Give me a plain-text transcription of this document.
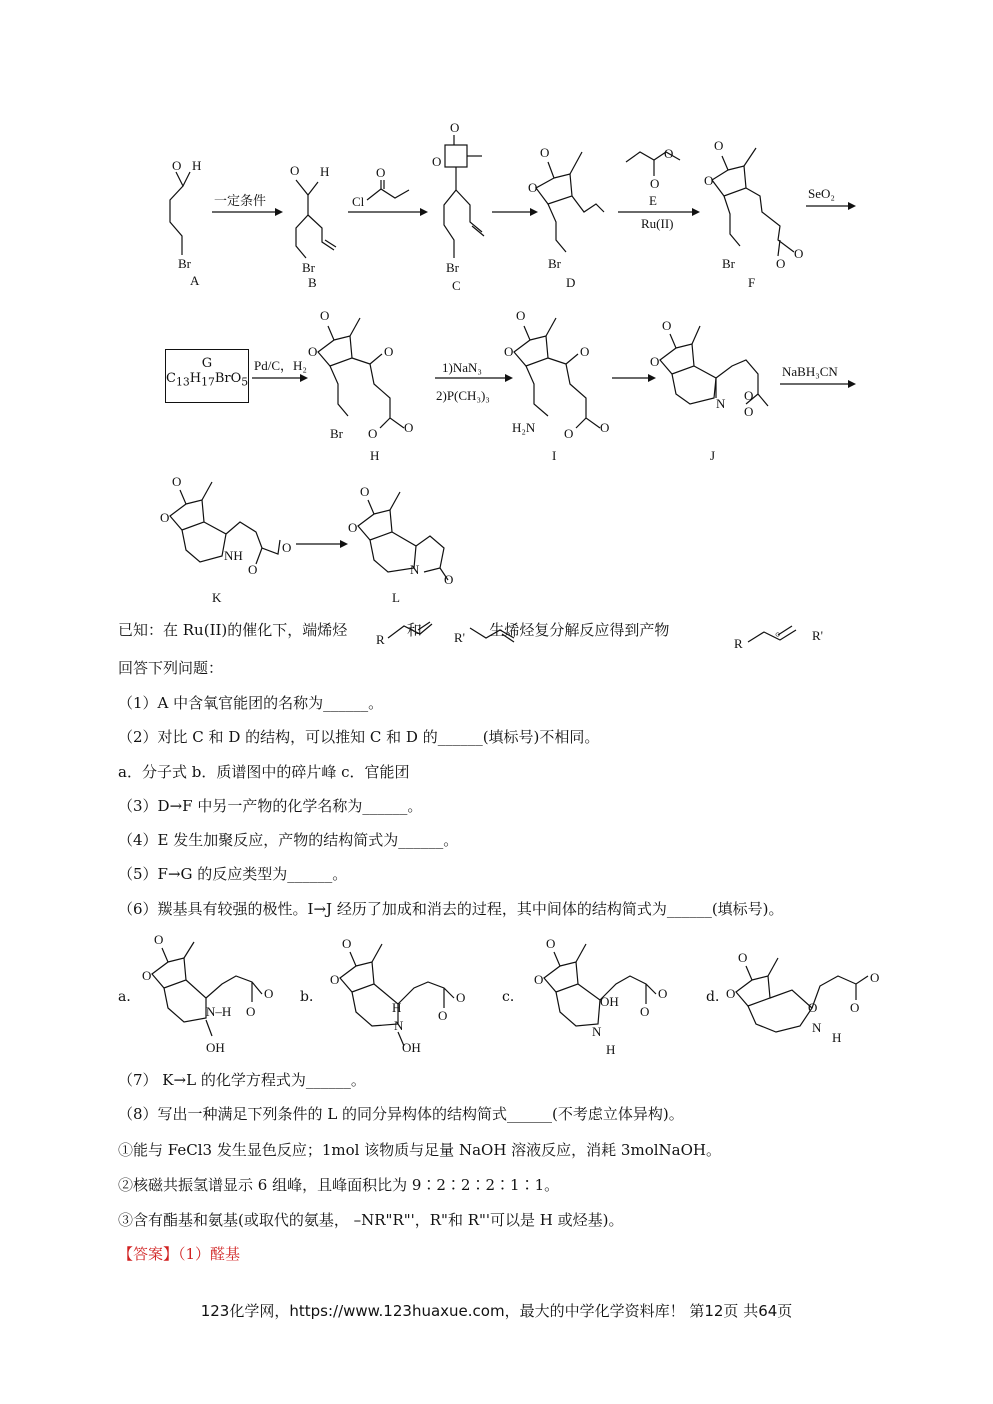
O H
Br
A
一定条件
O H
Br
B
O
Cl
O
O
Br
C
O
O
Br
D
E
Ru(II)
O
O
O
O
O
O
Br
F
SeO₂
G
$C_{13}H_{17}BrO_5$
Pd/C，H₂
O
O	O
O O
Br
H
1)NaN₃
2)P(CH₃)₃
O
O	O
O O
H₂N
I
O
O
N
O
O
J
NaBH₃CN
O
O
NH
O
O
K
O
O
N
O
L
已知：在 Ru(II)的催化下，端烯烃	和	生烯烃复分解反应得到产物	。
R	R'	R
R'
回答下列问题：
（1）A 中含氧官能团的名称为______。
（2）对比 C 和 D 的结构，可以推知 C 和 D 的______(填标号)不相同。
a．分子式 b．质谱图中的碎片峰 c．官能团
（3）D→F 中另一产物的化学名称为______。
（4）E 发生加聚反应，产物的结构简式为______。
（5）F→G 的反应类型为______。
（6）羰基具有较强的极性。I→J 经历了加成和消去的过程，其中间体的结构简式为______(填标号)。
a．	b．	c．	d．
O
O
N–H
OH
O
O
O
O
H
N
OH
O
O
O
O
OH
N
H
O
O
O
O
O
N
H
O
O
（7） K→L 的化学方程式为______。
（8）写出一种满足下列条件的 L 的同分异构体的结构简式______(不考虑立体异构)。
①能与 FeCl3 发生显色反应；1mol 该物质与足量 NaOH 溶液反应，消耗 3molNaOH。
②核磁共振氢谱显示 6 组峰，且峰面积比为 9∶2∶2∶2∶1∶1。
③含有酯基和氨基(或取代的氨基， –NR"R"'，R"和 R"'可以是 H 或烃基)。
【答案】（1）醛基
123化学网，https://www.123huaxue.com，最大的中学化学资料库！ 第12页 共64页
